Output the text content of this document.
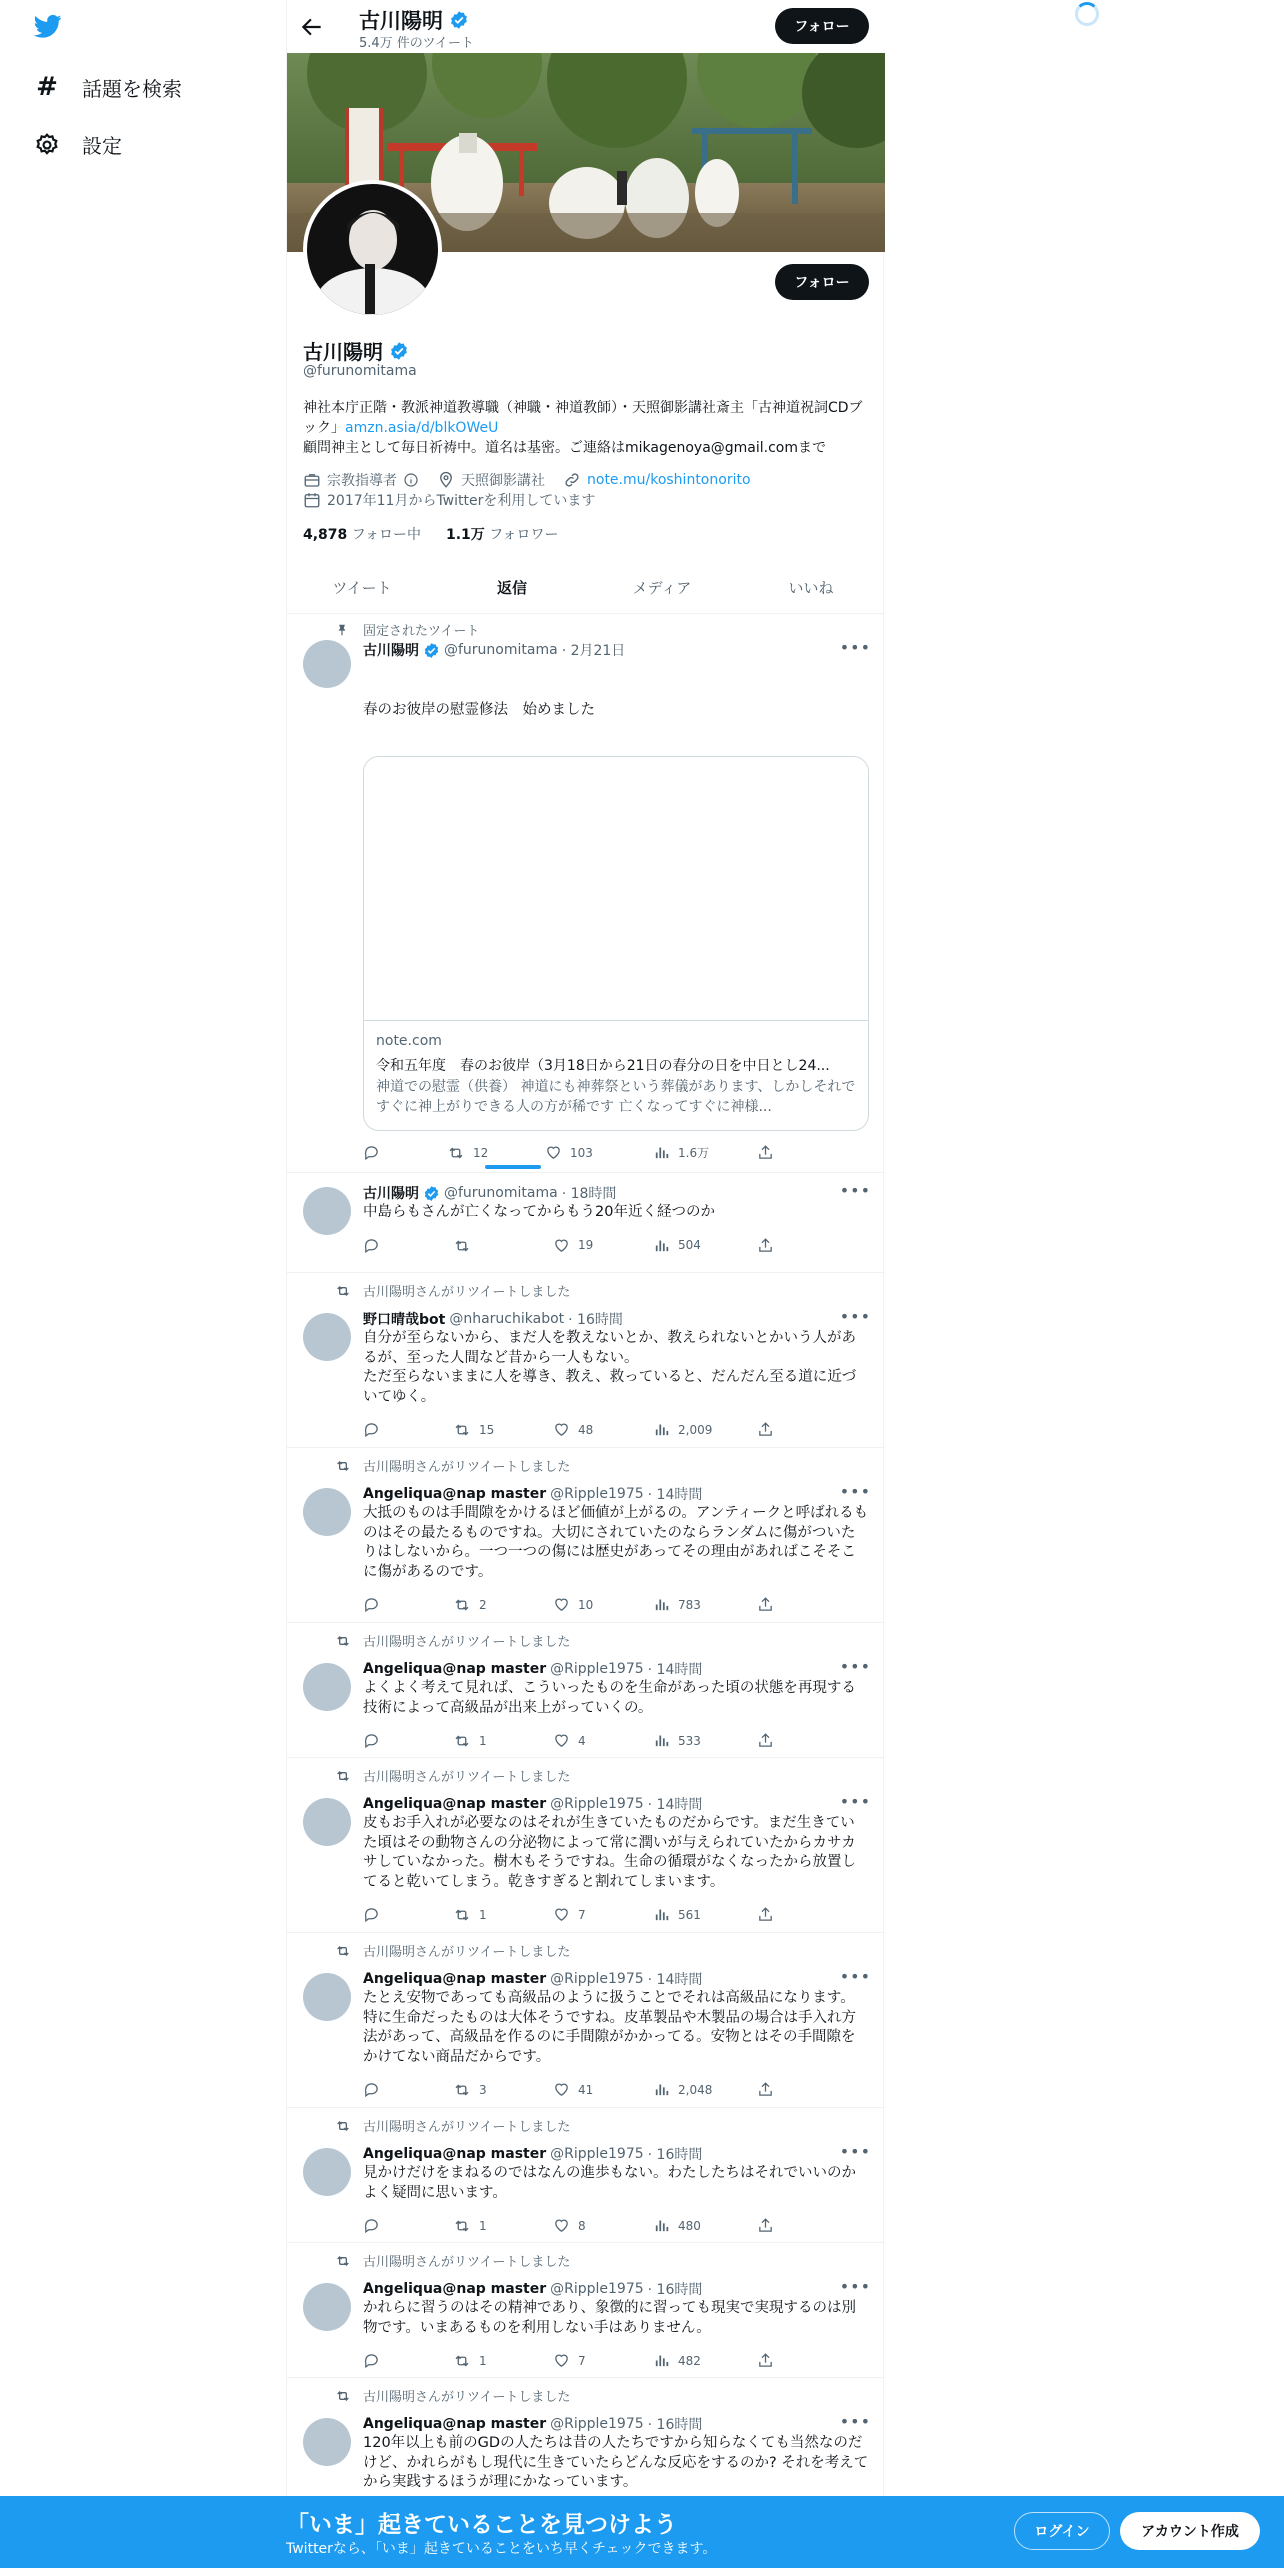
# 話題を検索
設定
古川陽明
5.4万 件のツイート
フォロー
フォロー
古川陽明
@furunomitama
神社本庁正階・教派神道教導職（神職・神道教師）・天照御影講社斎主「古神道祝詞CDブック」amzn.asia/d/blkOWeU
顧問神主として毎日祈祷中。道名は基密。ご連絡はmikagenoya@gmail.comまで
宗教指導者	天照御影講社	note.mu/koshintonorito
2017年11月からTwitterを利用しています
4,878 フォロー中 1.1万 フォロワー
ツイート	返信	メディア	いいね
固定されたツイート
古川陽明 @furunomitama · 2月21日	•••

春のお彼岸の慰霊修法　始めました

note.com
令和五年度　春のお彼岸（3月18日から21日の春分の日を中日とし24...
神道での慰霊（供養） 神道にも神葬祭という葬儀があります、しかしそれですぐに神上がりできる人の方が稀です 亡くなってすぐに神様...
12	103	1.6万
古川陽明 @furunomitama · 18時間	•••
中島らもさんが亡くなってからもう20年近く経つのか
19	504
古川陽明さんがリツイートしました
野口晴哉bot @nharuchikabot · 16時間	•••
自分が至らないから、まだ人を教えないとか、教えられないとかいう人があるが、至った人間など昔から一人もない。
ただ至らないままに人を導き、教え、救っていると、だんだん至る道に近づいてゆく。
15	48	2,009
古川陽明さんがリツイートしました
Angeliqua@nap master @Ripple1975 · 14時間	•••
大抵のものは手間隙をかけるほど価値が上がるの。アンティークと呼ばれるものはその最たるものですね。大切にされていたのならランダムに傷がついたりはしないから。一つ一つの傷には歴史があってその理由があればこそそこに傷があるのです。
2	10	783
古川陽明さんがリツイートしました
Angeliqua@nap master @Ripple1975 · 14時間	•••
よくよく考えて見れば、こういったものを生命があった頃の状態を再現する技術によって高級品が出来上がっていくの。
1	4	533
古川陽明さんがリツイートしました
Angeliqua@nap master @Ripple1975 · 14時間	•••
皮もお手入れが必要なのはそれが生きていたものだからです。まだ生きていた頃はその動物さんの分泌物によって常に潤いが与えられていたからカサカサしていなかった。樹木もそうですね。生命の循環がなくなったから放置してると乾いてしまう。乾きすぎると割れてしまいます。
1	7	561
古川陽明さんがリツイートしました
Angeliqua@nap master @Ripple1975 · 14時間	•••
たとえ安物であっても高級品のように扱うことでそれは高級品になります。特に生命だったものは大体そうですね。皮革製品や木製品の場合は手入れ方法があって、高級品を作るのに手間隙がかかってる。安物とはその手間隙をかけてない商品だからです。
3	41	2,048
古川陽明さんがリツイートしました
Angeliqua@nap master @Ripple1975 · 16時間	•••
見かけだけをまねるのではなんの進歩もない。わたしたちはそれでいいのかよく疑問に思います。
1	8	480
古川陽明さんがリツイートしました
Angeliqua@nap master @Ripple1975 · 16時間	•••
かれらに習うのはその精神であり、象徴的に習っても現実で実現するのは別物です。いまあるものを利用しない手はありません。
1	7	482
古川陽明さんがリツイートしました
Angeliqua@nap master @Ripple1975 · 16時間	•••
120年以上も前のGDの人たちは昔の人たちですから知らなくても当然なのだけど、かれらがもし現代に生きていたらどんな反応をするのか? それを考えてから実践するほうが理にかなっています。
「いま」起きていることを見つけよう
Twitterなら、「いま」起きていることをいち早くチェックできます。
ログイン	アカウント作成
